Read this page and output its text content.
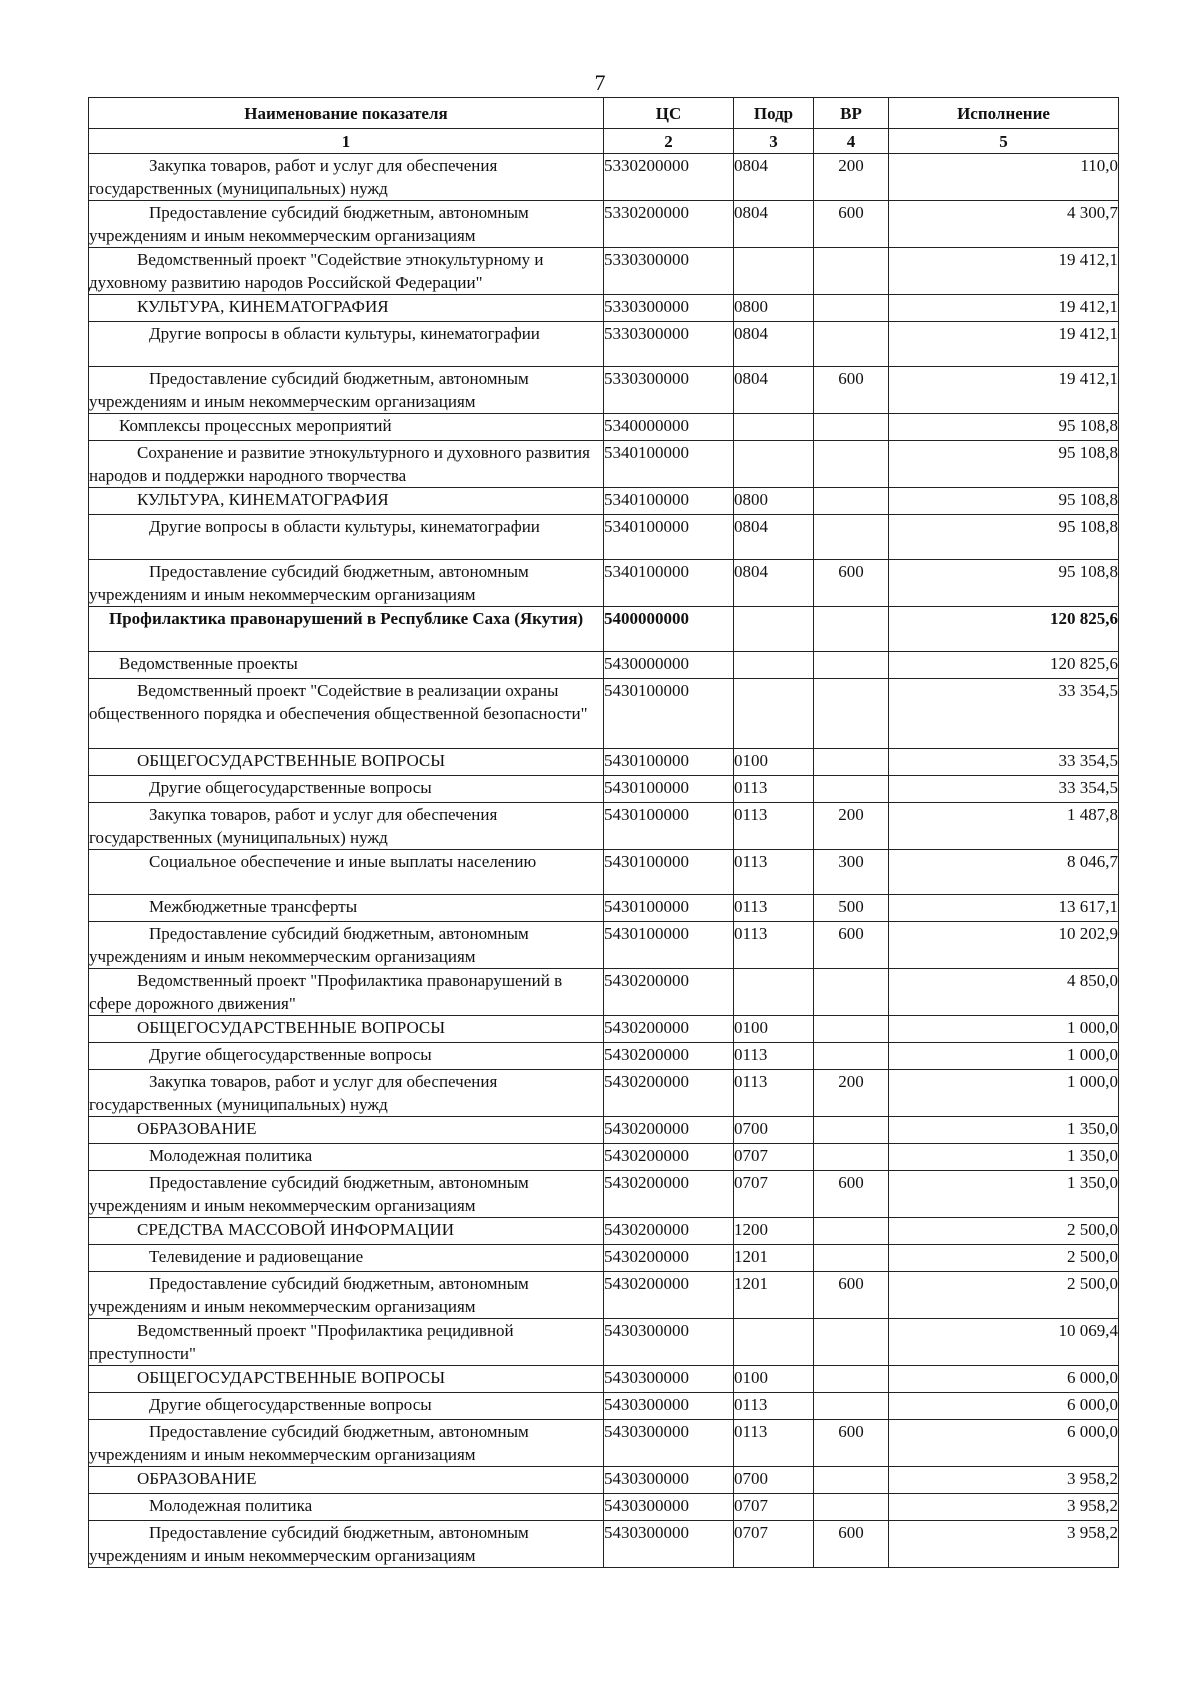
7
Наименование показателя	ЦС	Подр	ВР	Исполнение
1	2	3	4	5
Закупка товаров, работ и услуг для обеспечения государственных (муниципальных) нужд	5330200000	0804	200	110,0
Предоставление субсидий бюджетным, автономным учреждениям и иным некоммерческим организациям	5330200000	0804	600	4 300,7
Ведомственный проект "Содействие этнокультурному и духовному развитию народов Российской Федерации"	5330300000			19 412,1
КУЛЬТУРА, КИНЕМАТОГРАФИЯ	5330300000	0800		19 412,1
Другие вопросы в области культуры, кинематографии	5330300000	0804		19 412,1
Предоставление субсидий бюджетным, автономным учреждениям и иным некоммерческим организациям	5330300000	0804	600	19 412,1
Комплексы процессных мероприятий	5340000000			95 108,8
Сохранение и развитие этнокультурного и духовного развития народов и поддержки народного творчества	5340100000			95 108,8
КУЛЬТУРА, КИНЕМАТОГРАФИЯ	5340100000	0800		95 108,8
Другие вопросы в области культуры, кинематографии	5340100000	0804		95 108,8
Предоставление субсидий бюджетным, автономным учреждениям и иным некоммерческим организациям	5340100000	0804	600	95 108,8
Профилактика правонарушений в Республике Саха (Якутия)	5400000000			120 825,6
Ведомственные проекты	5430000000			120 825,6
Ведомственный проект "Содействие в реализации охраны общественного порядка и обеспечения общественной безопасности"	5430100000			33 354,5
ОБЩЕГОСУДАРСТВЕННЫЕ ВОПРОСЫ	5430100000	0100		33 354,5
Другие общегосударственные вопросы	5430100000	0113		33 354,5
Закупка товаров, работ и услуг для обеспечения государственных (муниципальных) нужд	5430100000	0113	200	1 487,8
Социальное обеспечение и иные выплаты населению	5430100000	0113	300	8 046,7
Межбюджетные трансферты	5430100000	0113	500	13 617,1
Предоставление субсидий бюджетным, автономным учреждениям и иным некоммерческим организациям	5430100000	0113	600	10 202,9
Ведомственный проект "Профилактика правонарушений в сфере дорожного движения"	5430200000			4 850,0
ОБЩЕГОСУДАРСТВЕННЫЕ ВОПРОСЫ	5430200000	0100		1 000,0
Другие общегосударственные вопросы	5430200000	0113		1 000,0
Закупка товаров, работ и услуг для обеспечения государственных (муниципальных) нужд	5430200000	0113	200	1 000,0
ОБРАЗОВАНИЕ	5430200000	0700		1 350,0
Молодежная политика	5430200000	0707		1 350,0
Предоставление субсидий бюджетным, автономным учреждениям и иным некоммерческим организациям	5430200000	0707	600	1 350,0
СРЕДСТВА МАССОВОЙ ИНФОРМАЦИИ	5430200000	1200		2 500,0
Телевидение и радиовещание	5430200000	1201		2 500,0
Предоставление субсидий бюджетным, автономным учреждениям и иным некоммерческим организациям	5430200000	1201	600	2 500,0
Ведомственный проект "Профилактика рецидивной преступности"	5430300000			10 069,4
ОБЩЕГОСУДАРСТВЕННЫЕ ВОПРОСЫ	5430300000	0100		6 000,0
Другие общегосударственные вопросы	5430300000	0113		6 000,0
Предоставление субсидий бюджетным, автономным учреждениям и иным некоммерческим организациям	5430300000	0113	600	6 000,0
ОБРАЗОВАНИЕ	5430300000	0700		3 958,2
Молодежная политика	5430300000	0707		3 958,2
Предоставление субсидий бюджетным, автономным учреждениям и иным некоммерческим организациям	5430300000	0707	600	3 958,2
